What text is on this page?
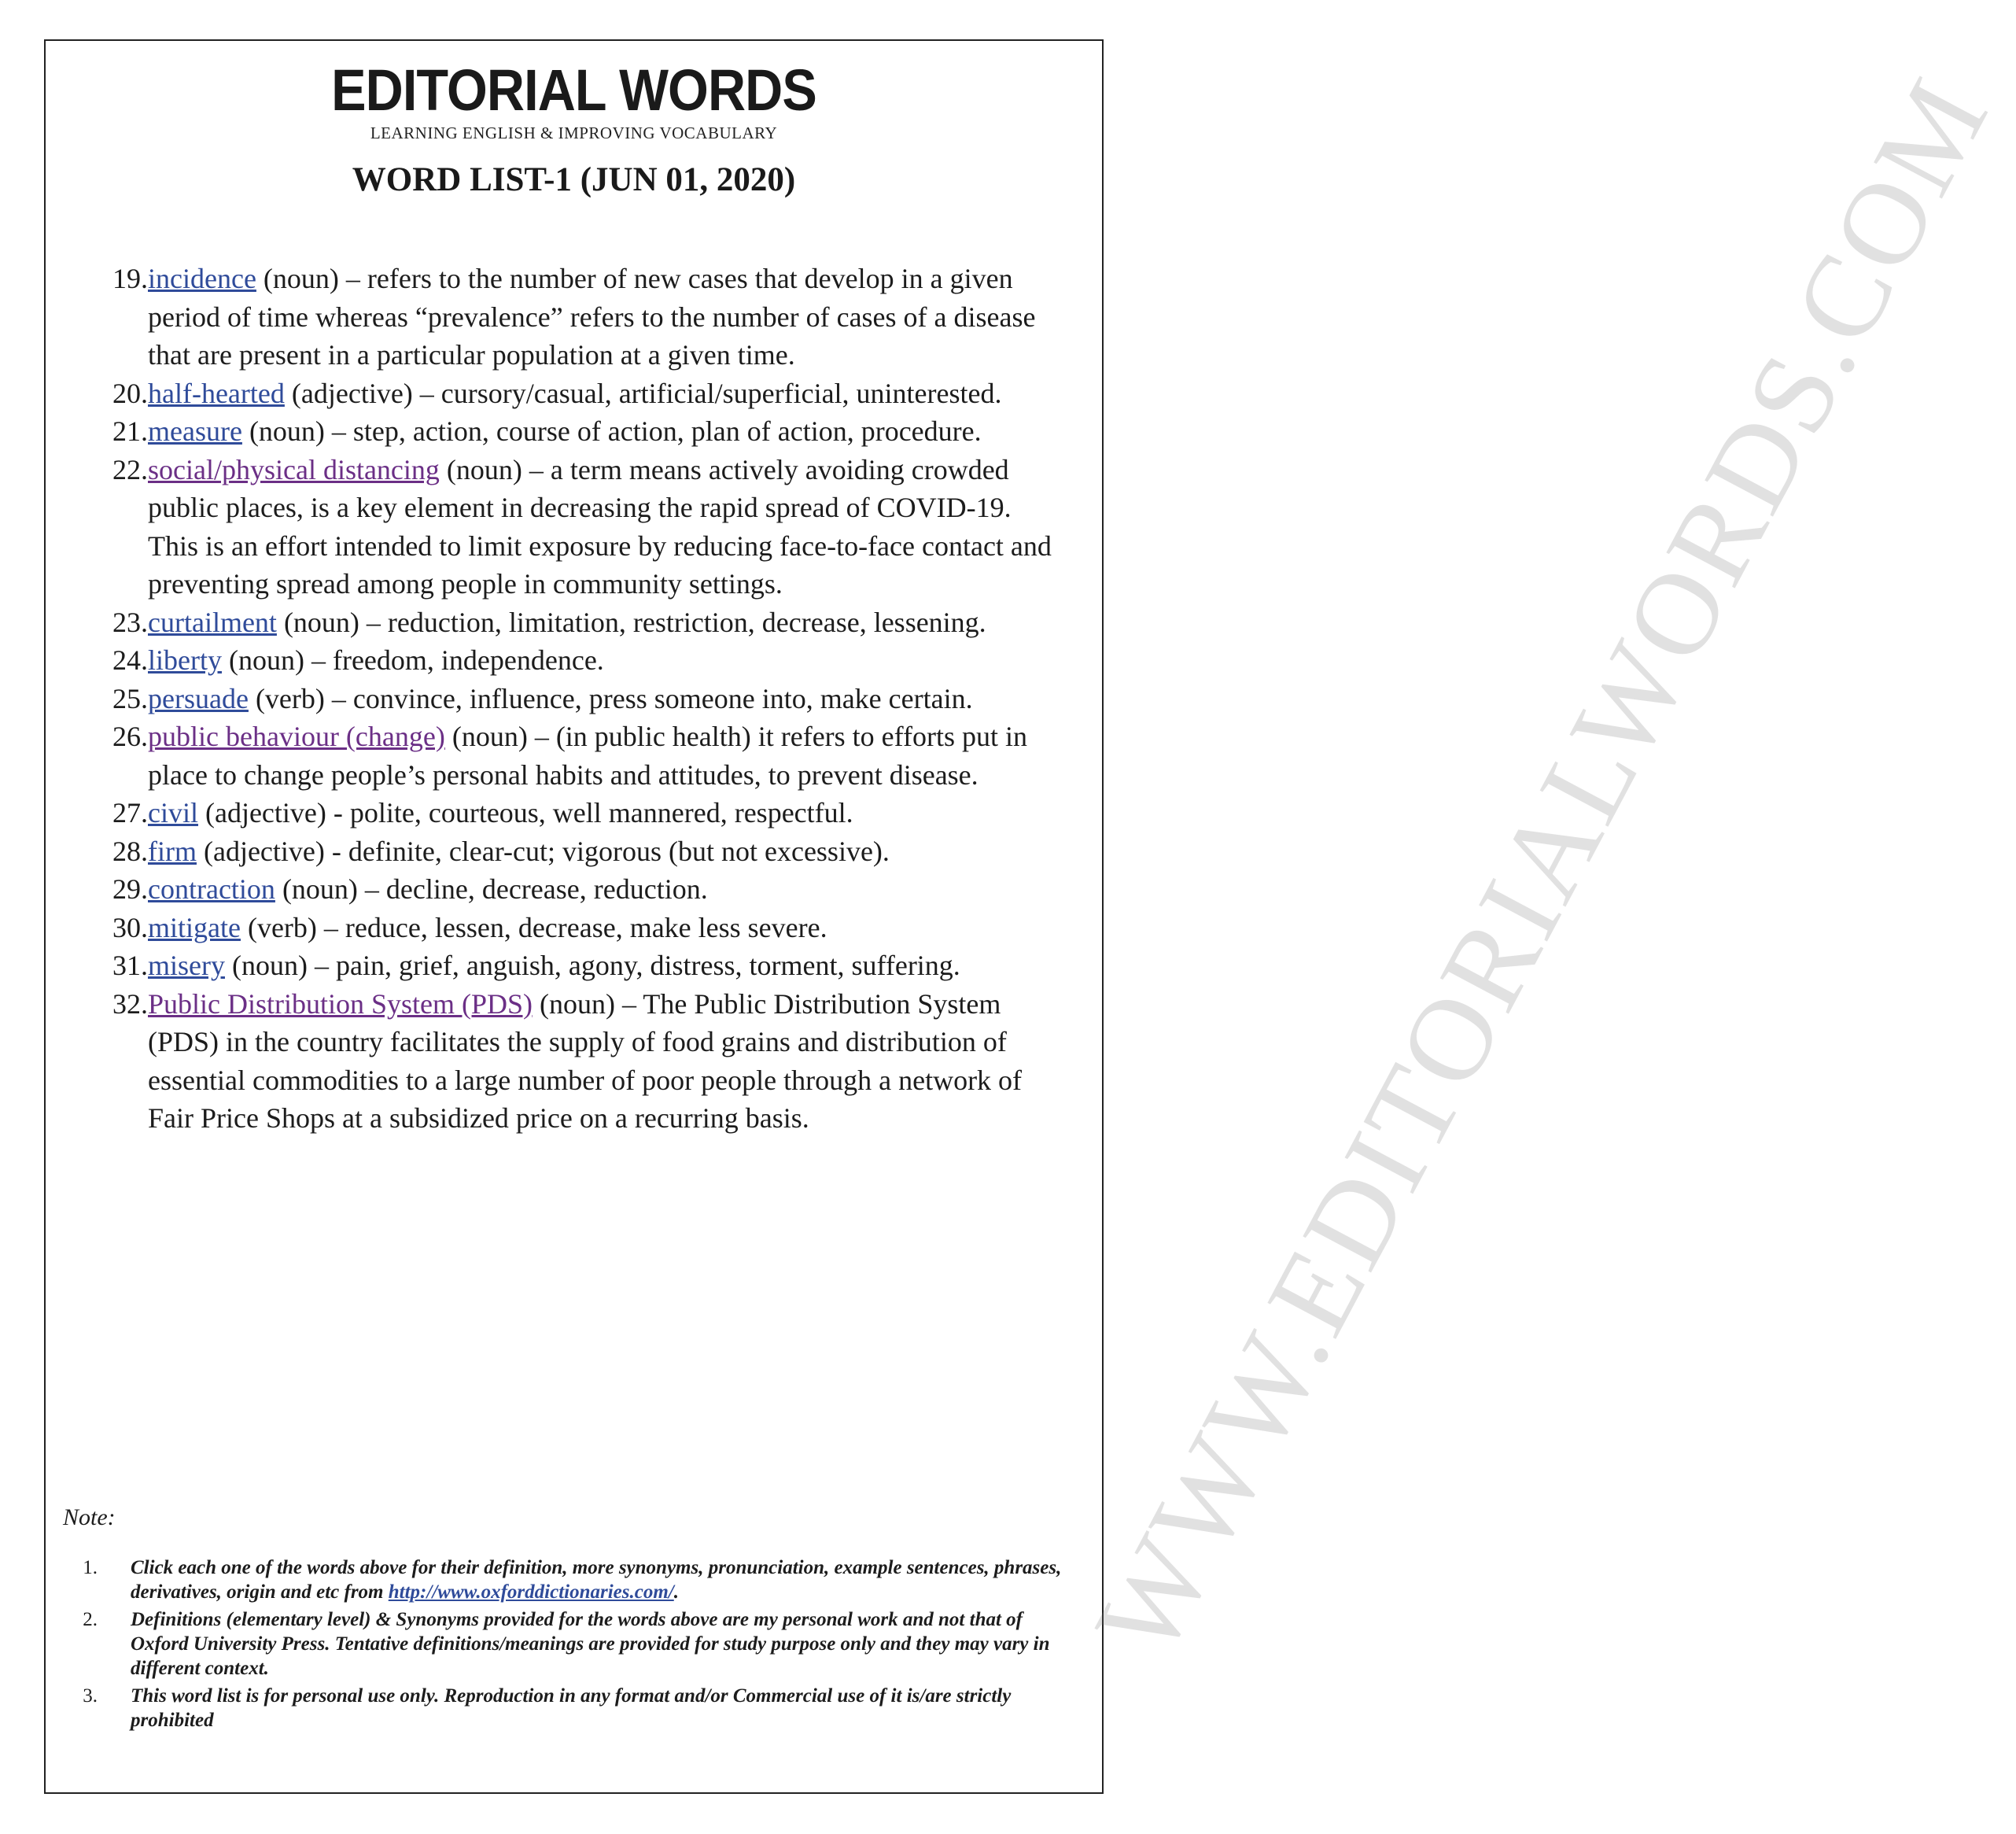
EDITORIAL WORDS
LEARNING ENGLISH & IMPROVING VOCABULARY
WORD LIST-1 (JUN 01, 2020)
19. incidence (noun) – refers to the number of new cases that develop in a given period of time whereas “prevalence” refers to the number of cases of a disease that are present in a particular population at a given time.
20. half-hearted (adjective) – cursory/casual, artificial/superficial, uninterested.
21. measure (noun) – step, action, course of action, plan of action, procedure.
22. social/physical distancing (noun) – a term means actively avoiding crowded public places, is a key element in decreasing the rapid spread of COVID-19. This is an effort intended to limit exposure by reducing face-to-face contact and preventing spread among people in community settings.
23. curtailment (noun) – reduction, limitation, restriction, decrease, lessening.
24. liberty (noun) – freedom, independence.
25. persuade (verb) – convince, influence, press someone into, make certain.
26. public behaviour (change) (noun) – (in public health) it refers to efforts put in place to change people’s personal habits and attitudes, to prevent disease.
27. civil (adjective) - polite, courteous, well mannered, respectful.
28. firm (adjective) - definite, clear-cut; vigorous (but not excessive).
29. contraction (noun) – decline, decrease, reduction.
30. mitigate (verb) – reduce, lessen, decrease, make less severe.
31. misery (noun) – pain, grief, anguish, agony, distress, torment, suffering.
32. Public Distribution System (PDS) (noun) – The Public Distribution System (PDS) in the country facilitates the supply of food grains and distribution of essential commodities to a large number of poor people through a network of Fair Price Shops at a subsidized price on a recurring basis.
Note:
1.	Click each one of the words above for their definition, more synonyms, pronunciation, example sentences, phrases, derivatives, origin and etc from http://www.oxforddictionaries.com/.
2.	Definitions (elementary level) & Synonyms provided for the words above are my personal work and not that of Oxford University Press. Tentative definitions/meanings are provided for study purpose only and they may vary in different context.
3.	This word list is for personal use only. Reproduction in any format and/or Commercial use of it is/are strictly prohibited
WWW.EDITORIALWORDS.COM
